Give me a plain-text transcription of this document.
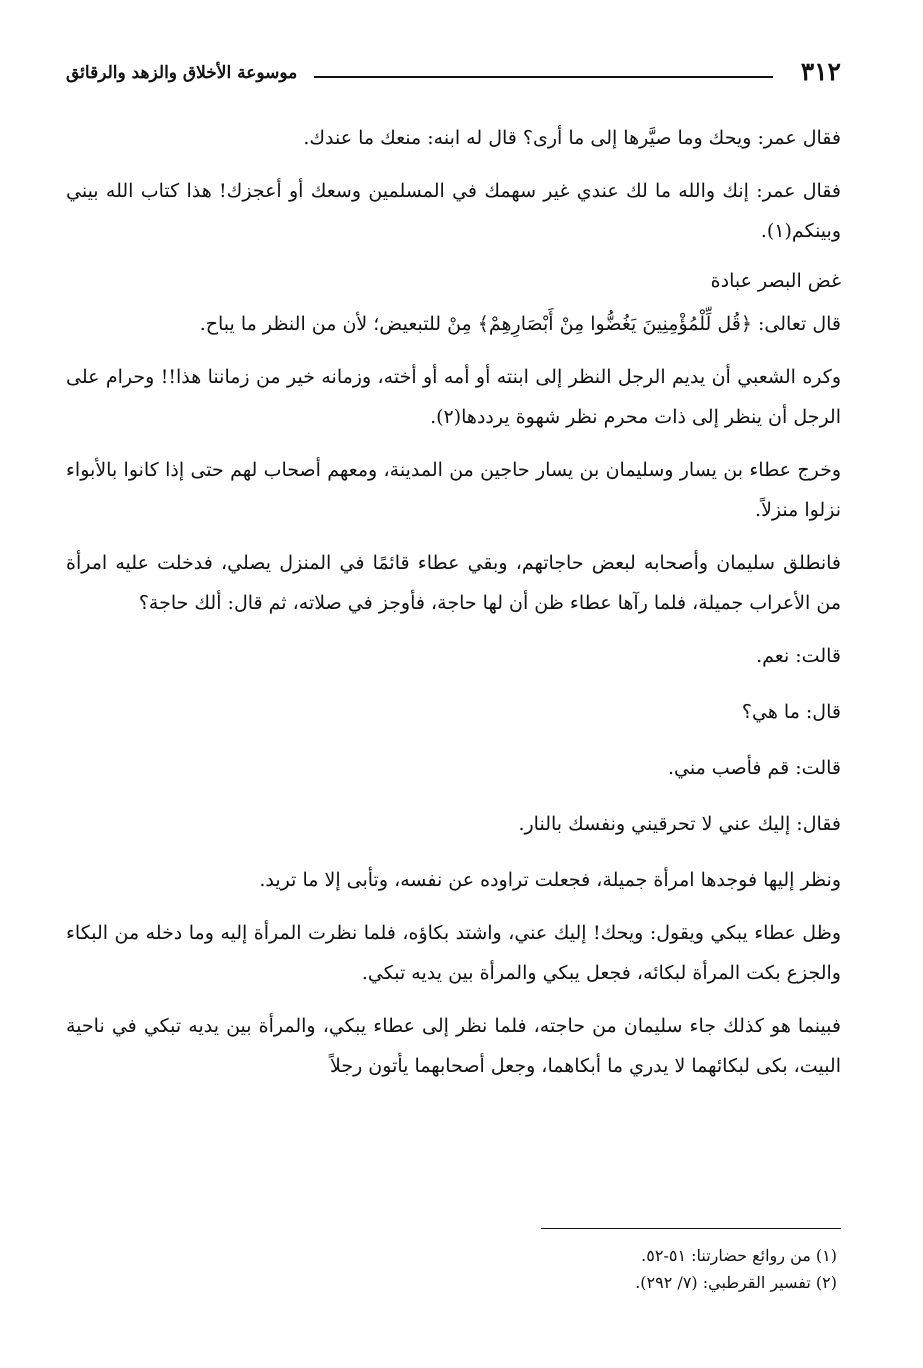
٣١٢
موسوعة الأخلاق والزهد والرقائق

فقال عمر: ويحك وما صيَّرها إلى ما أرى؟ قال له ابنه: منعك ما عندك.

فقال عمر: إنك والله ما لك عندي غير سهمك في المسلمين وسعك أو أعجزك! هذا كتاب الله بيني وبينكم(١).

غض البصر عبادة

قال تعالى: ﴿قُل لِّلْمُؤْمِنِينَ يَغُضُّوا مِنْ أَبْصَارِهِمْ﴾ مِنْ للتبعيض؛ لأن من النظر ما يباح.

وكره الشعبي أن يديم الرجل النظر إلى ابنته أو أمه أو أخته، وزمانه خير من زماننا هذا!! وحرام على الرجل أن ينظر إلى ذات محرم نظر شهوة يرددها(٢).

وخرج عطاء بن يسار وسليمان بن يسار حاجين من المدينة، ومعهم أصحاب لهم حتى إذا كانوا بالأبواء نزلوا منزلاً.

فانطلق سليمان وأصحابه لبعض حاجاتهم، وبقي عطاء قائمًا في المنزل يصلي، فدخلت عليه امرأة من الأعراب جميلة، فلما رآها عطاء ظن أن لها حاجة، فأوجز في صلاته، ثم قال: ألك حاجة؟

قالت: نعم.

قال: ما هي؟

قالت: قم فأصب مني.

فقال: إليك عني لا تحرقيني ونفسك بالنار.

ونظر إليها فوجدها امرأة جميلة، فجعلت تراوده عن نفسه، وتأبى إلا ما تريد.

وظل عطاء يبكي ويقول: ويحك! إليك عني، واشتد بكاؤه، فلما نظرت المرأة إليه وما دخله من البكاء والجزع بكت المرأة لبكائه، فجعل يبكي والمرأة بين يديه تبكي.

فبينما هو كذلك جاء سليمان من حاجته، فلما نظر إلى عطاء يبكي، والمرأة بين يديه تبكي في ناحية البيت، بكى لبكائهما لا يدري ما أبكاهما، وجعل أصحابهما يأتون رجلاً

(١) من روائع حضارتنا: ٥١-٥٢.
(٢) تفسير القرطبي: (٧/ ٢٩٢).
